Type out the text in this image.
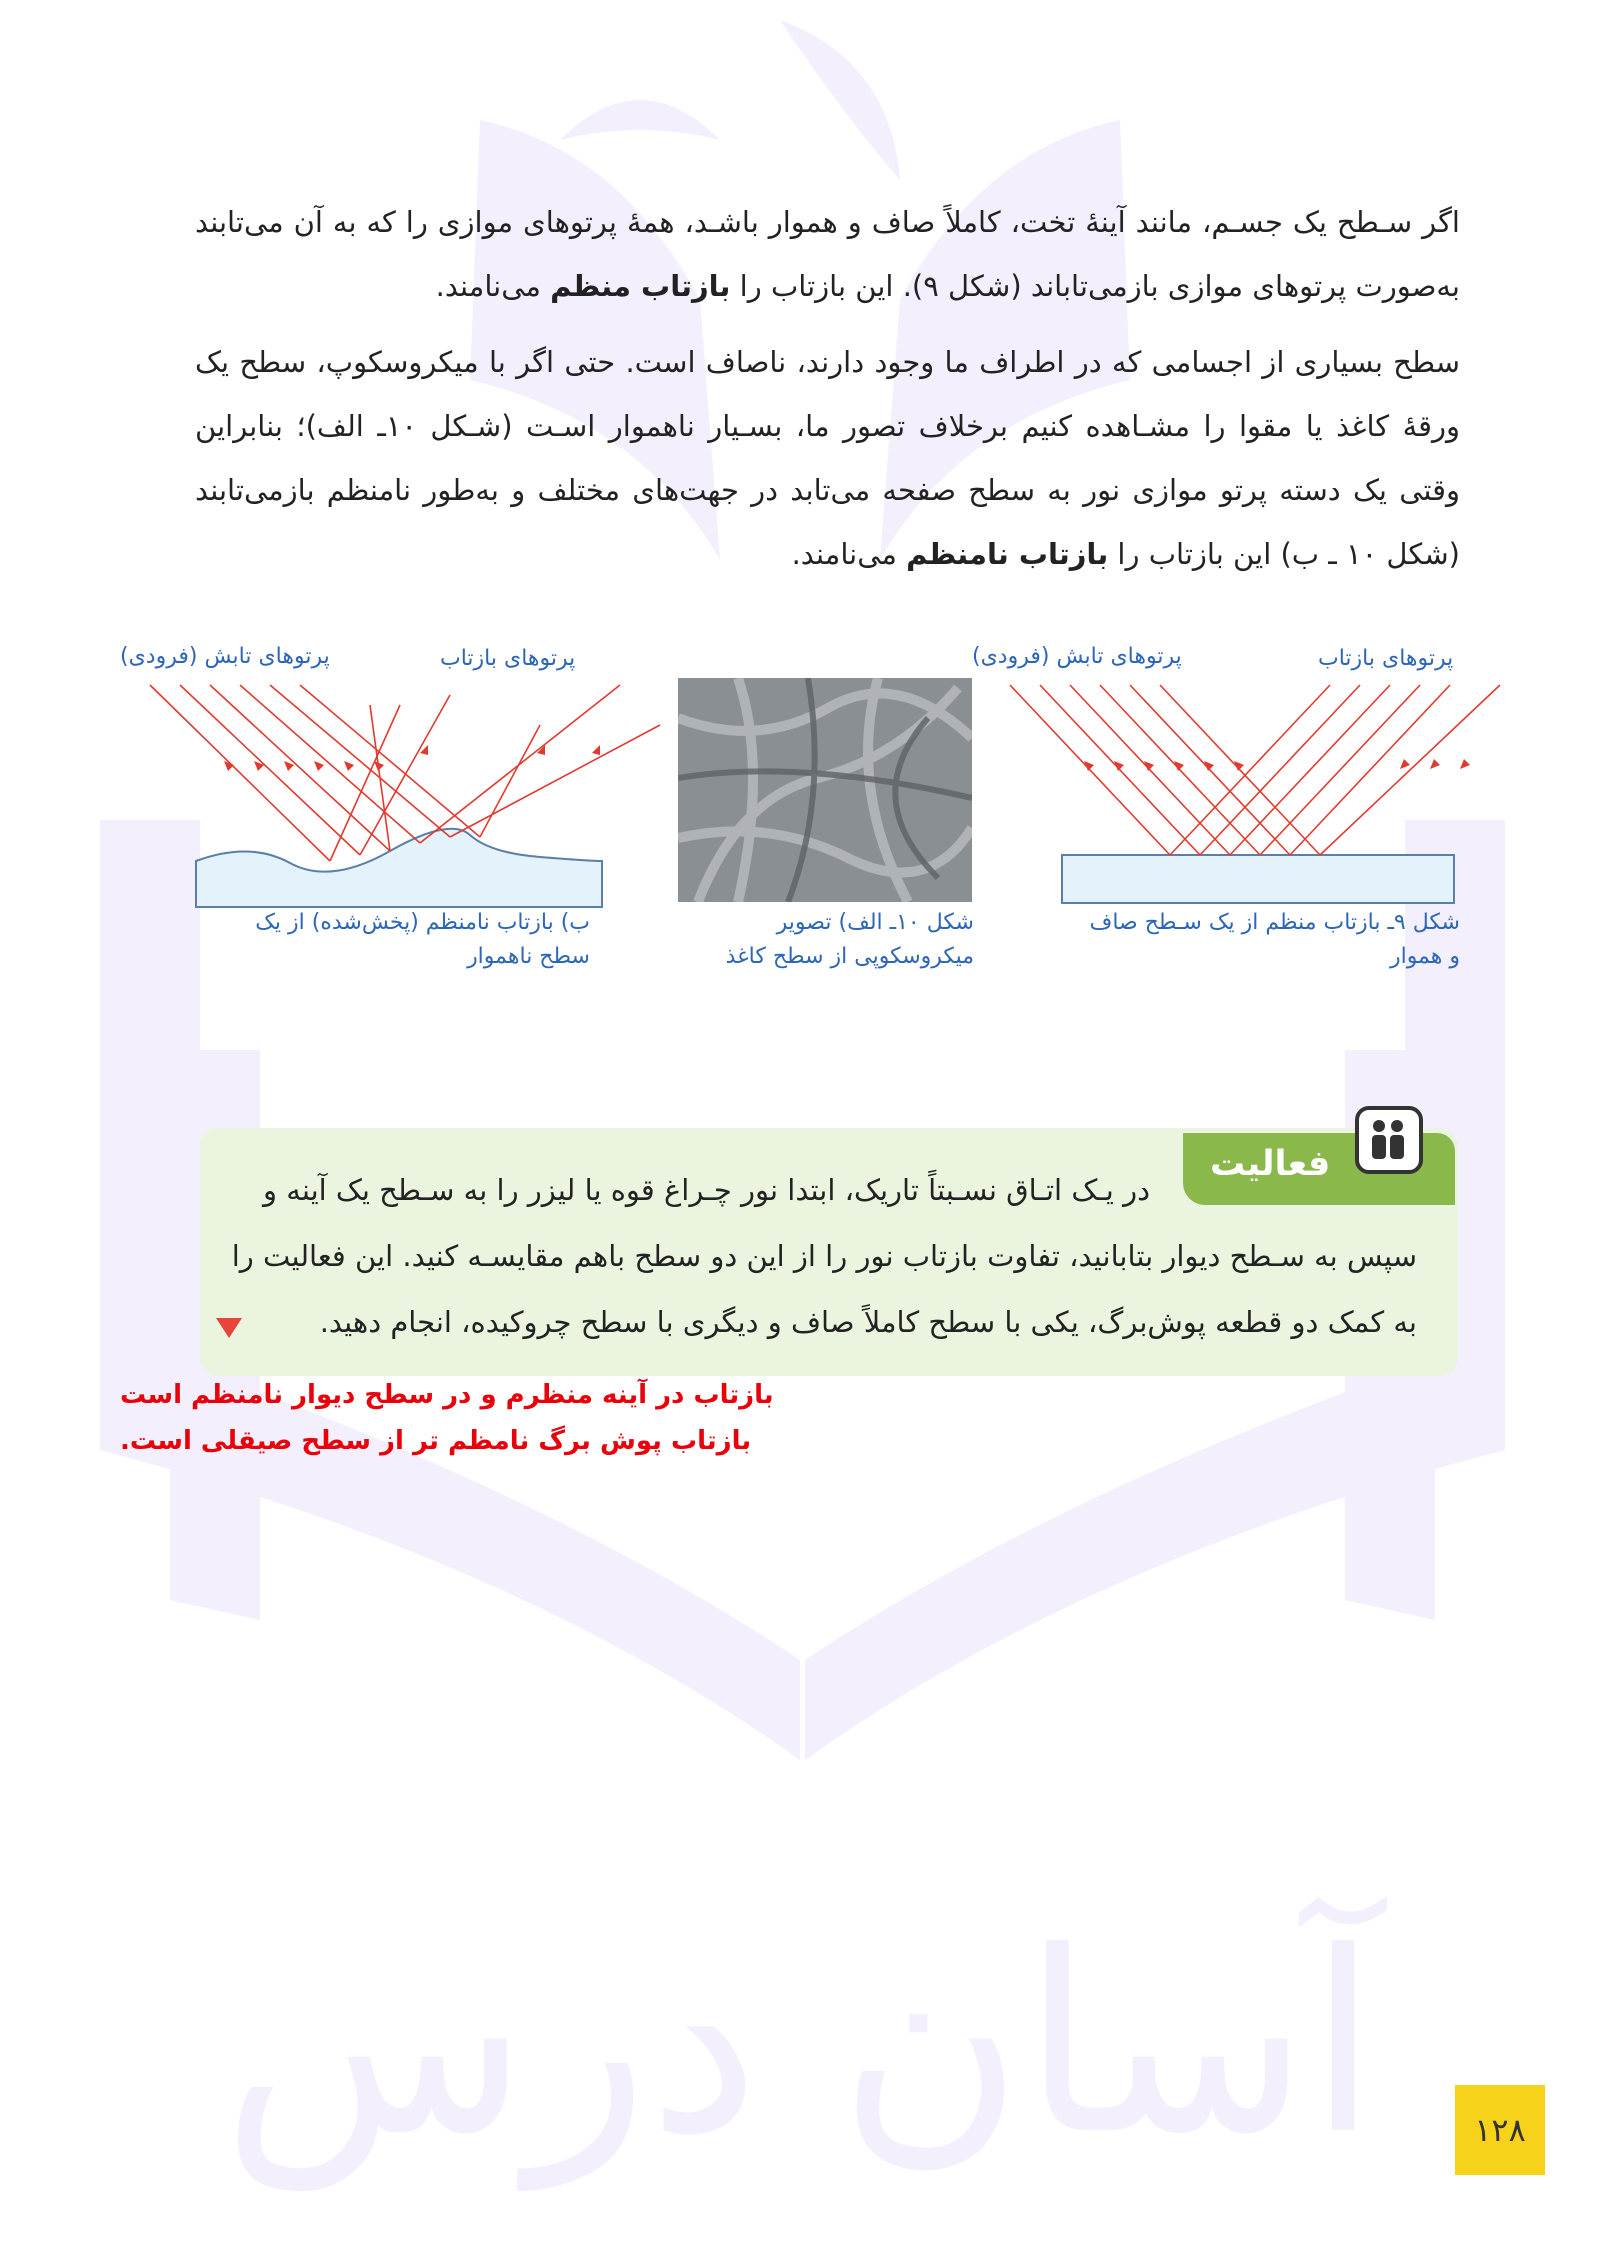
آسان درس
اگر سـطح یک جسـم، مانند آینهٔ تخت، کاملاً صاف و هموار باشـد، همهٔ پرتوهای موازی را که به آن می‌تابند به‌صورت پرتوهای موازی بازمی‌تاباند (شکل ۹). این بازتاب را بازتاب منظم می‌نامند.
سطح بسیاری از اجسامی که در اطراف ما وجود دارند، ناصاف است. حتی اگر با میکروسکوپ، سطح یک ورقهٔ کاغذ یا مقوا را مشـاهده کنیم برخلاف تصور ما، بسـیار ناهموار اسـت (شـکل ۱۰ـ الف)؛ بنابراین وقتی یک دسته پرتو موازی نور به سطح صفحه می‌تابد در جهت‌های مختلف و به‌طور نامنظم بازمی‌تابند (شکل ۱۰ ـ ب) این بازتاب را بازتاب نامنظم می‌نامند.
پرتوهای بازتاب
پرتوهای تابش (فرودی)
شکل ۹ـ بازتاب منظم از یک سـطح صاف
و هموار
شکل ۱۰ـ الف) تصویر
میکروسکوپی از سطح کاغذ
پرتوهای بازتاب
پرتوهای تابش (فرودی)
ب) بازتاب نامنظم (پخش‌شده) از یک
سطح ناهموار
فعالیت
در یـک اتـاق نسـبتاً تاریک، ابتدا نور چـراغ قوه یا لیزر را به سـطح یک آینه و
سپس به سـطح دیوار بتابانید، تفاوت بازتاب نور را از این دو سطح باهم مقایسـه کنید. این فعالیت را
به کمک دو قطعه پوش‌برگ، یکی با سطح کاملاً صاف و دیگری با سطح چروکیده، انجام دهید.
بازتاب در آینه منظرم و در سطح دیوار نامنظم است
بازتاب پوش برگ نامظم تر از سطح صیقلی است.
۱۲۸
